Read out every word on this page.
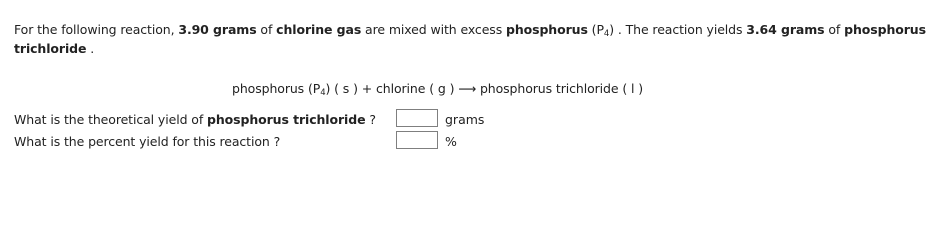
For the following reaction, 3.90 grams of chlorine gas are mixed with excess phosphorus $(P_4)$ . The reaction yields 3.64 grams of phosphorus
trichloride .
phosphorus $(P_4)$ ( s ) + chlorine ( g ) ⟶ phosphorus trichloride ( l )
What is the theoretical yield of phosphorus trichloride ?	grams
What is the percent yield for this reaction ?	%
